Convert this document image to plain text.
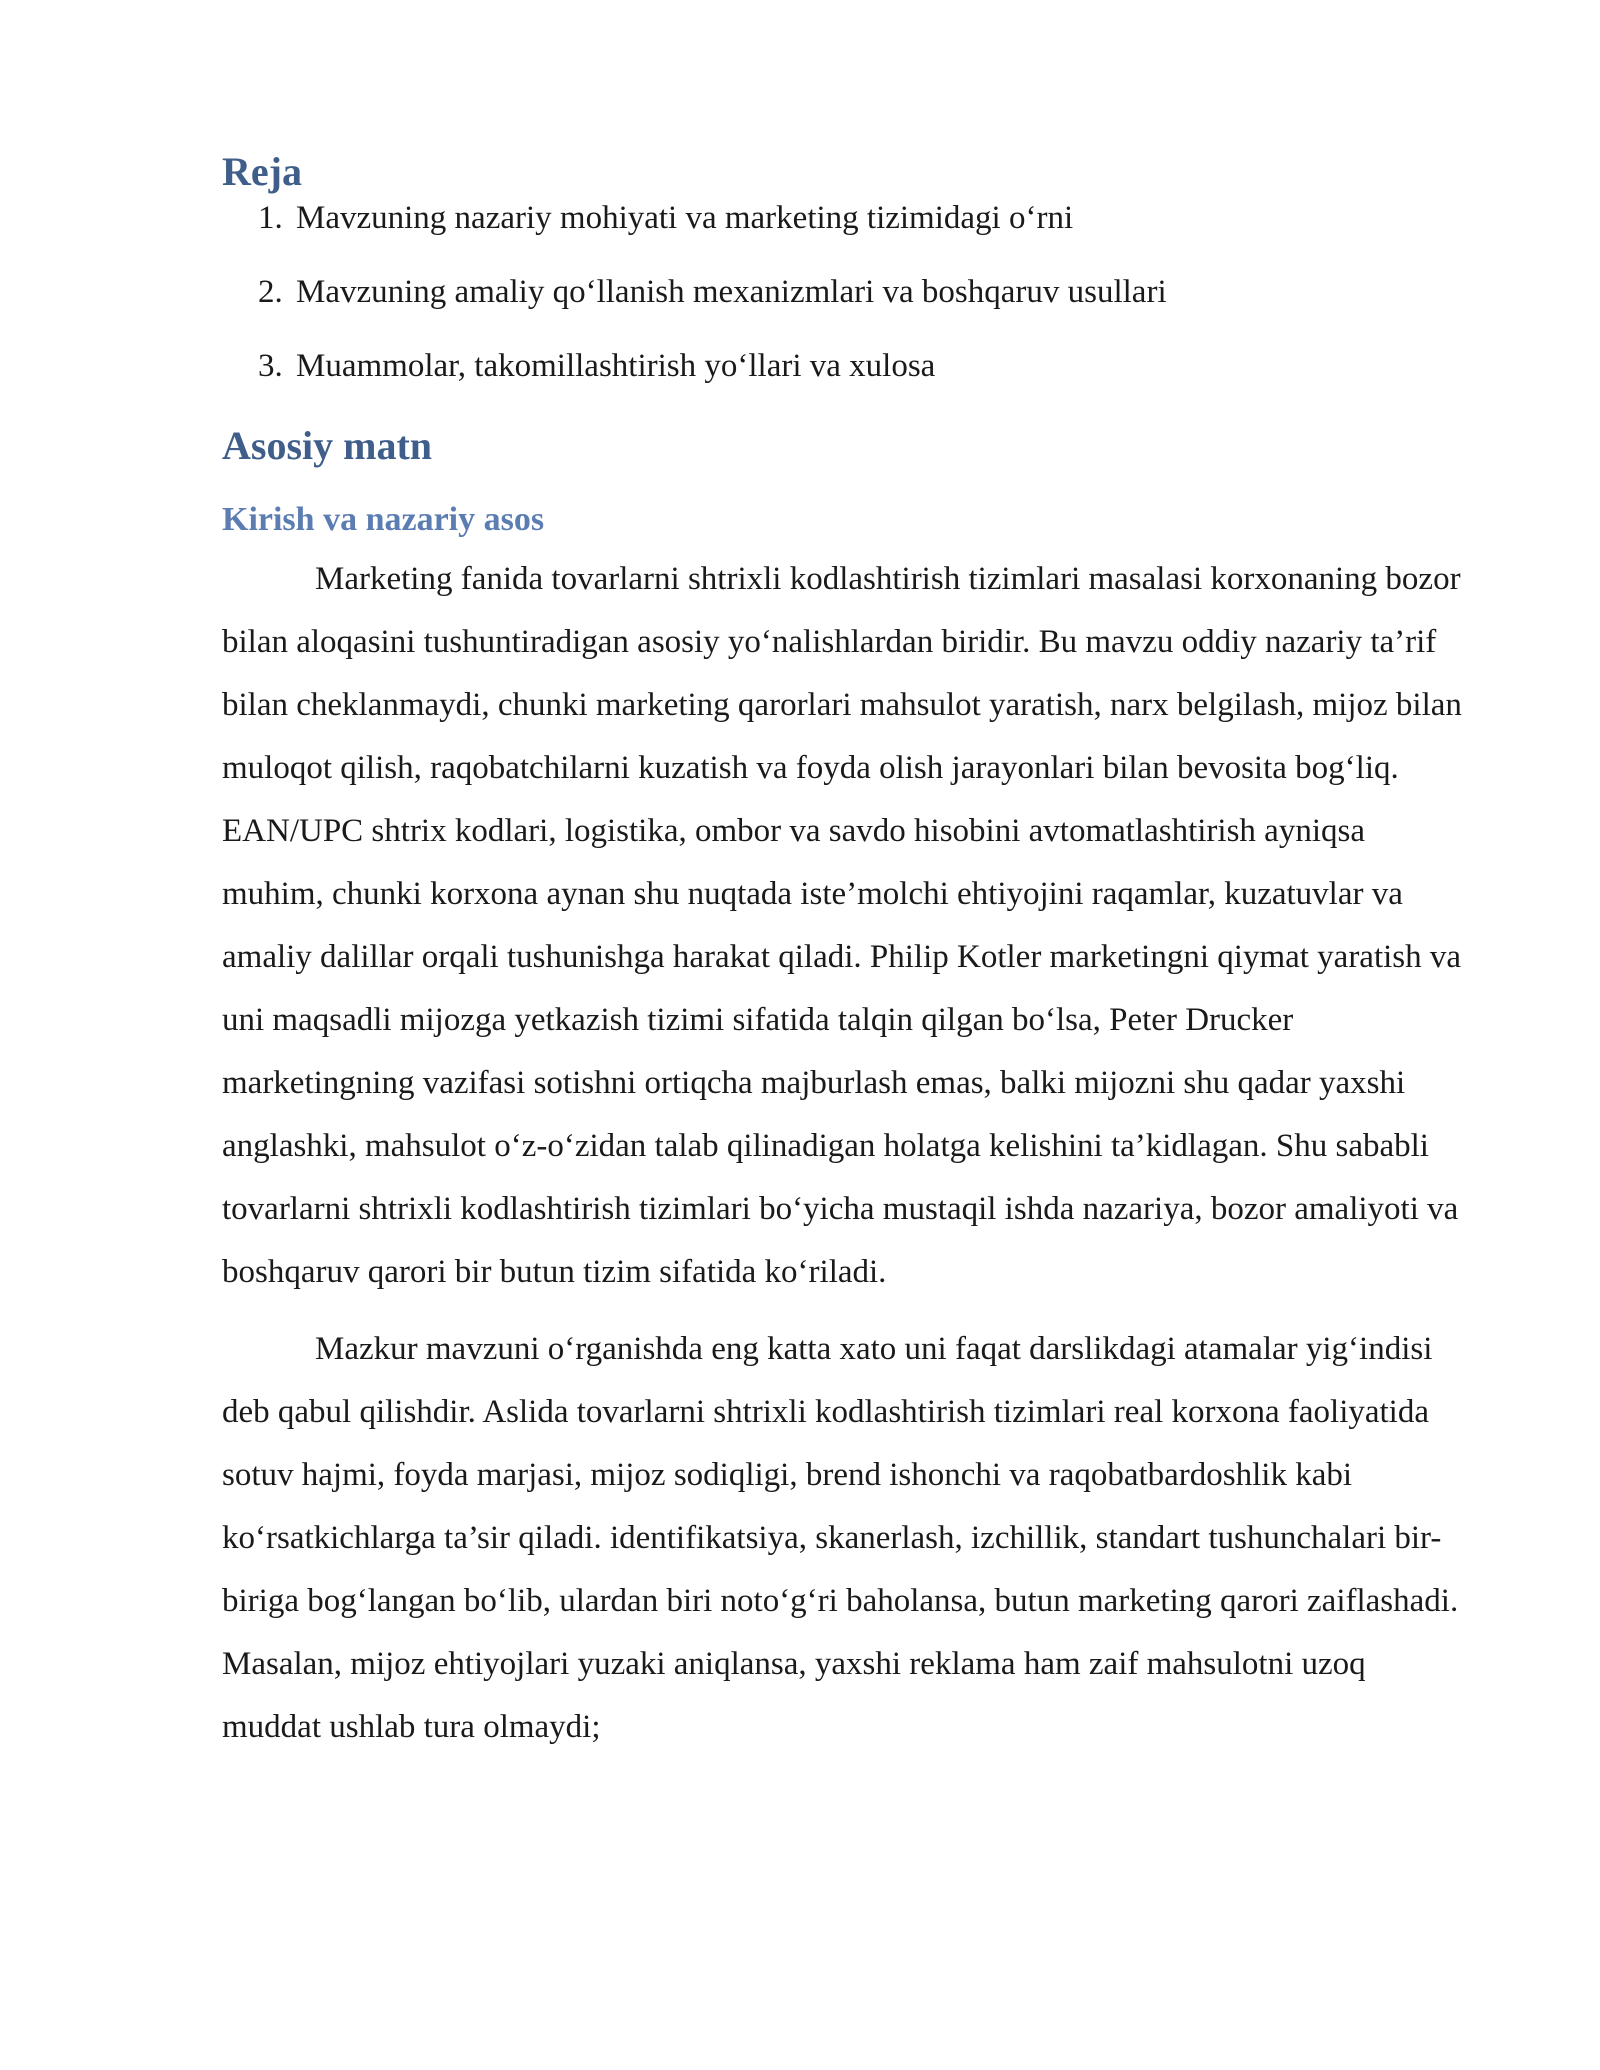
Reja
1. Mavzuning nazariy mohiyati va marketing tizimidagi o‘rni
2. Mavzuning amaliy qo‘llanish mexanizmlari va boshqaruv usullari
3. Muammolar, takomillashtirish yo‘llari va xulosa
Asosiy matn
Kirish va nazariy asos

Marketing fanida tovarlarni shtrixli kodlashtirish tizimlari masalasi korxonaning bozor bilan aloqasini tushuntiradigan asosiy yo‘nalishlardan biridir. Bu mavzu oddiy nazariy ta’rif bilan cheklanmaydi, chunki marketing qarorlari mahsulot yaratish, narx belgilash, mijoz bilan muloqot qilish, raqobatchilarni kuzatish va foyda olish jarayonlari bilan bevosita bog‘liq. EAN/UPC shtrix kodlari, logistika, ombor va savdo hisobini avtomatlashtirish ayniqsa muhim, chunki korxona aynan shu nuqtada iste’molchi ehtiyojini raqamlar, kuzatuvlar va amaliy dalillar orqali tushunishga harakat qiladi. Philip Kotler marketingni qiymat yaratish va uni maqsadli mijozga yetkazish tizimi sifatida talqin qilgan bo‘lsa, Peter Drucker marketingning vazifasi sotishni ortiqcha majburlash emas, balki mijozni shu qadar yaxshi anglashki, mahsulot o‘z-o‘zidan talab qilinadigan holatga kelishini ta’kidlagan. Shu sababli tovarlarni shtrixli kodlashtirish tizimlari bo‘yicha mustaqil ishda nazariya, bozor amaliyoti va boshqaruv qarori bir butun tizim sifatida ko‘riladi.

Mazkur mavzuni o‘rganishda eng katta xato uni faqat darslikdagi atamalar yig‘indisi deb qabul qilishdir. Aslida tovarlarni shtrixli kodlashtirish tizimlari real korxona faoliyatida sotuv hajmi, foyda marjasi, mijoz sodiqligi, brend ishonchi va raqobatbardoshlik kabi ko‘rsatkichlarga ta’sir qiladi. identifikatsiya, skanerlash, izchillik, standart tushunchalari bir-biriga bog‘langan bo‘lib, ulardan biri noto‘g‘ri baholansa, butun marketing qarori zaiflashadi. Masalan, mijoz ehtiyojlari yuzaki aniqlansa, yaxshi reklama ham zaif mahsulotni uzoq muddat ushlab tura olmaydi;
